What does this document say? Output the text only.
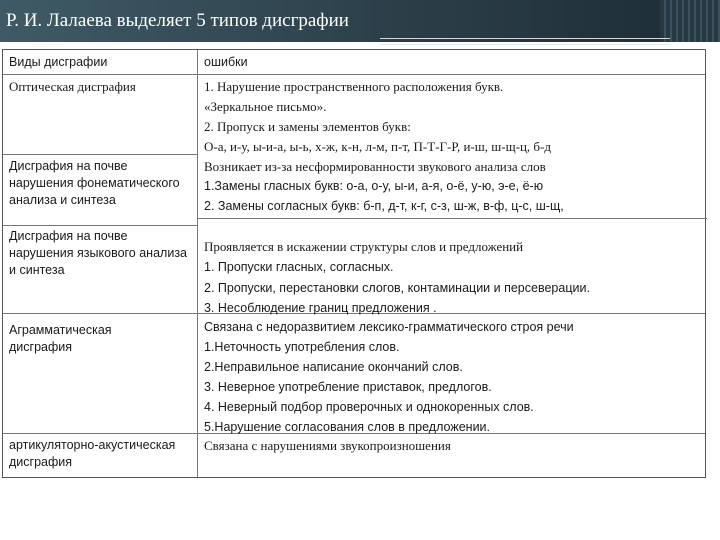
Р. И. Лалаева выделяет 5 типов дисграфии
Виды дисграфии	ошибки
Оптическая дисграфия	1. Нарушение пространственного расположения букв.
«Зеркальное письмо».
2. Пропуск и замены элементов букв:
О-а, и-у, ы-и-а, ы-ь, х-ж, к-н, л-м, п-т, П-Т-Г-Р, и-ш, ш-щ-ц, б-д
Дисграфия на почве нарушения фонематического анализа и синтеза
Возникает из-за несформированности звукового анализа слов
1.Замены гласных букв: о-а, о-у, ы-и, а-я, о-ё, у-ю, э-е, ё-ю
2. Замены согласных букв: б-п, д-т, к-г, с-з, ш-ж, в-ф, ц-с, ш-щ,
Дисграфия на почве нарушения языкового анализа и синтеза
Проявляется в искажении структуры слов и предложений
1. Пропуски гласных, согласных.
2. Пропуски, перестановки слогов, контаминации и персеверации.
3. Несоблюдение границ предложения .
Аграмматическая дисграфия
Связана с недоразвитием лексико-грамматического строя речи
1.Неточность употребления слов.
2.Неправильное написание окончаний слов.
3. Неверное употребление приставок, предлогов.
4. Неверный подбор проверочных и однокоренных слов.
5.Нарушение согласования слов в предложении.
артикуляторно-акустическая дисграфия
Связана с нарушениями звукопроизношения
